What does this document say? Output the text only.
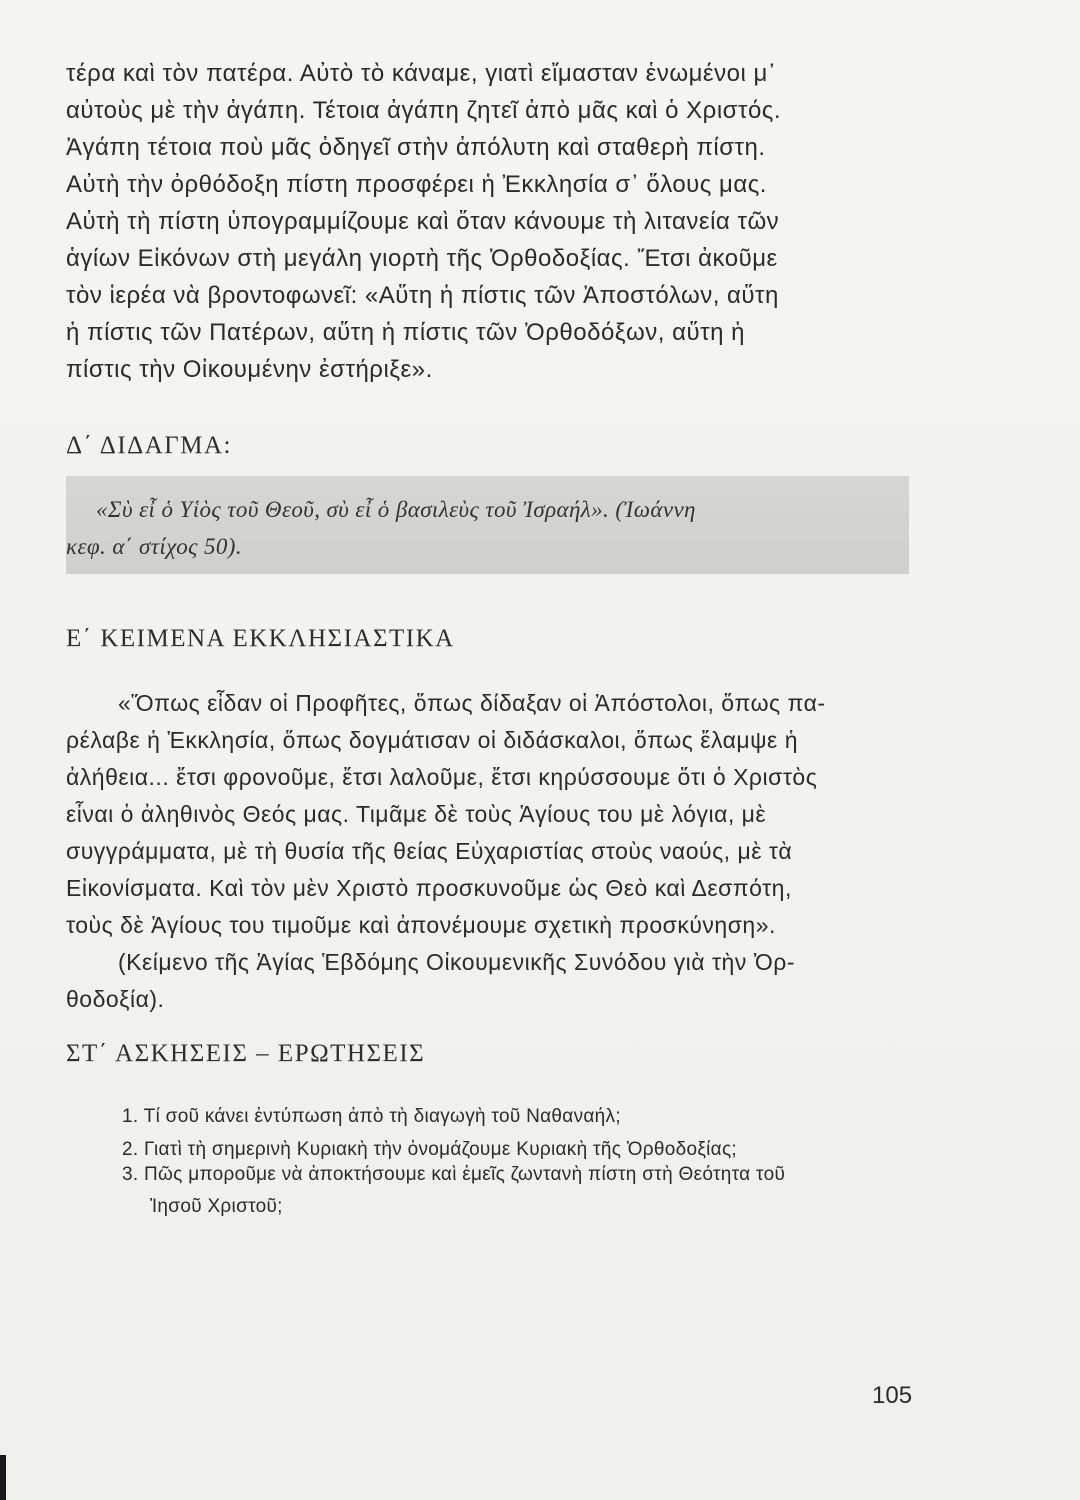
τέρα καὶ τὸν πατέρα. Αὐτὸ τὸ κάναμε, γιατὶ εἴμασταν ἑνωμένοι μ᾽
αὐτοὺς μὲ τὴν ἀγάπη. Τέτοια ἀγάπη ζητεῖ ἀπὸ μᾶς καὶ ὁ Χριστός.
Ἀγάπη τέτοια ποὺ μᾶς ὁδηγεῖ στὴν ἀπόλυτη καὶ σταθερὴ πίστη.
Αὐτὴ τὴν ὀρθόδοξη πίστη προσφέρει ἡ Ἐκκλησία σ᾽ ὅλους μας.
Αὐτὴ τὴ πίστη ὑπογραμμίζουμε καὶ ὅταν κάνουμε τὴ λιτανεία τῶν
ἁγίων Εἰκόνων στὴ μεγάλη γιορτὴ τῆς Ὀρθοδοξίας. Ἔτσι ἀκοῦμε
τὸν ἱερέα νὰ βροντοφωνεῖ: «Αὕτη ἡ πίστις τῶν Ἀποστόλων, αὕτη
ἡ πίστις τῶν Πατέρων, αὕτη ἡ πίστις τῶν Ὀρθοδόξων, αὕτη ἡ
πίστις τὴν Οἰκουμένην ἐστήριξε».
Δ΄ ΔΙΔΑΓΜΑ:
«Σὺ εἶ ὁ Υἱὸς τοῦ Θεοῦ, σὺ εἶ ὁ βασιλεὺς τοῦ Ἰσραήλ». (Ἰωάννη
κεφ. α΄ στίχος 50).
Ε΄ ΚΕΙΜΕΝΑ ΕΚΚΛΗΣΙΑΣΤΙΚΑ
«Ὅπως εἶδαν οἱ Προφῆτες, ὅπως δίδαξαν οἱ Ἀπόστολοι, ὅπως πα-
ρέλαβε ἡ Ἐκκλησία, ὅπως δογμάτισαν οἱ διδάσκαλοι, ὅπως ἔλαμψε ἡ
ἀλήθεια... ἔτσι φρονοῦμε, ἔτσι λαλοῦμε, ἔτσι κηρύσσουμε ὅτι ὁ Χριστὸς
εἶναι ὁ ἀληθινὸς Θεός μας. Τιμᾶμε δὲ τοὺς Ἁγίους του μὲ λόγια, μὲ
συγγράμματα, μὲ τὴ θυσία τῆς θείας Εὐχαριστίας στοὺς ναούς, μὲ τὰ
Εἰκονίσματα. Καὶ τὸν μὲν Χριστὸ προσκυνοῦμε ὡς Θεὸ καὶ Δεσπότη,
τοὺς δὲ Ἁγίους του τιμοῦμε καὶ ἀπονέμουμε σχετικὴ προσκύνηση».
(Κείμενο τῆς Ἁγίας Ἑβδόμης Οἰκουμενικῆς Συνόδου γιὰ τὴν Ὀρ-
θοδοξία).
ΣΤ΄ ΑΣΚΗΣΕΙΣ – ΕΡΩΤΗΣΕΙΣ
1. Τί σοῦ κάνει ἐντύπωση ἀπὸ τὴ διαγωγὴ τοῦ Ναθαναήλ;
2. Γιατὶ τὴ σημερινὴ Κυριακὴ τὴν ὀνομάζουμε Κυριακὴ τῆς Ὀρθοδοξίας;
3. Πῶς μποροῦμε νὰ ἀποκτήσουμε καὶ ἐμεῖς ζωντανὴ πίστη στὴ Θεότητα τοῦ
Ἰησοῦ Χριστοῦ;
105
